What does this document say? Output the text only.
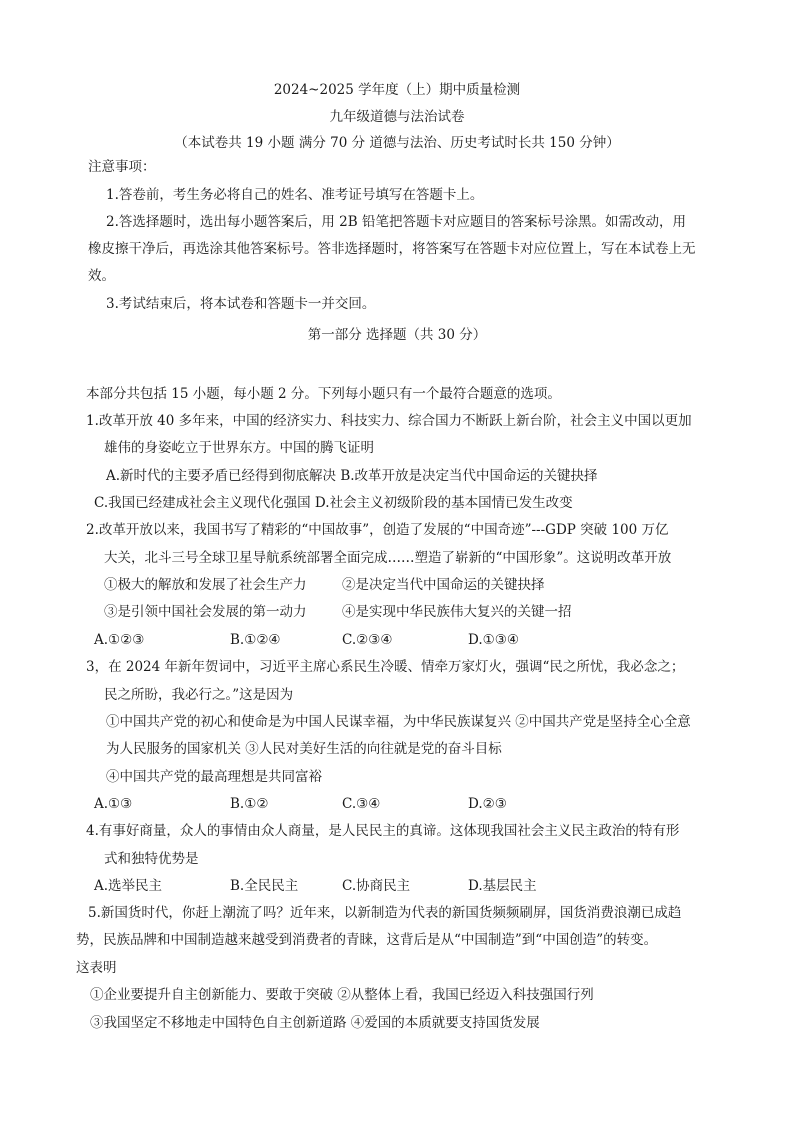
2024~2025 学年度（上）期中质量检测
九年级道德与法治试卷
（本试卷共 19 小题 满分 70 分 道德与法治、历史考试时长共 150 分钟）
注意事项：
1.答卷前，考生务必将自己的姓名、准考证号填写在答题卡上。
2.答选择题时，选出每小题答案后，用 2B 铅笔把答题卡对应题目的答案标号涂黑。如需改动，用
橡皮擦干净后，再选涂其他答案标号。答非选择题时，将答案写在答题卡对应位置上，写在本试卷上无
效。
3.考试结束后，将本试卷和答题卡一并交回。
第一部分 选择题（共 30 分）
本部分共包括 15 小题，每小题 2 分。下列每小题只有一个最符合题意的选项。
1.改革开放 40 多年来，中国的经济实力、科技实力、综合国力不断跃上新台阶，社会主义中国以更加
雄伟的身姿屹立于世界东方。中国的腾飞证明
A.新时代的主要矛盾已经得到彻底解决 B.改革开放是决定当代中国命运的关键抉择
C.我国已经建成社会主义现代化强国 D.社会主义初级阶段的基本国情已发生改变
2.改革开放以来，我国书写了精彩的“中国故事”，创造了发展的“中国奇迹”---GDP 突破 100 万亿
大关，北斗三号全球卫星导航系统部署全面完成……塑造了崭新的“中国形象”。这说明改革开放
①极大的解放和发展了社会生产力	②是决定当代中国命运的关键抉择
③是引领中国社会发展的第一动力	④是实现中华民族伟大复兴的关键一招
A.①②③	B.①②④	C.②③④	D.①③④
3，在 2024 年新年贺词中，习近平主席心系民生冷暖、情牵万家灯火，强调“民之所忧，我必念之；
民之所盼，我必行之。”这是因为
①中国共产党的初心和使命是为中国人民谋幸福，为中华民族谋复兴 ②中国共产党是坚持全心全意
为人民服务的国家机关 ③人民对美好生活的向往就是党的奋斗目标
④中国共产党的最高理想是共同富裕
A.①③	B.①②	C.③④	D.②③
4.有事好商量，众人的事情由众人商量，是人民民主的真谛。这体现我国社会主义民主政治的特有形
式和独特优势是
A.选举民主	B.全民民主	C.协商民主	D.基层民主
5.新国货时代，你赶上潮流了吗？近年来，以新制造为代表的新国货频频刷屏，国货消费浪潮已成趋
势，民族品牌和中国制造越来越受到消费者的青睐，这背后是从“中国制造”到“中国创造”的转变。
这表明
①企业要提升自主创新能力、要敢于突破 ②从整体上看，我国已经迈入科技强国行列
③我国坚定不移地走中国特色自主创新道路 ④爱国的本质就要支持国货发展
